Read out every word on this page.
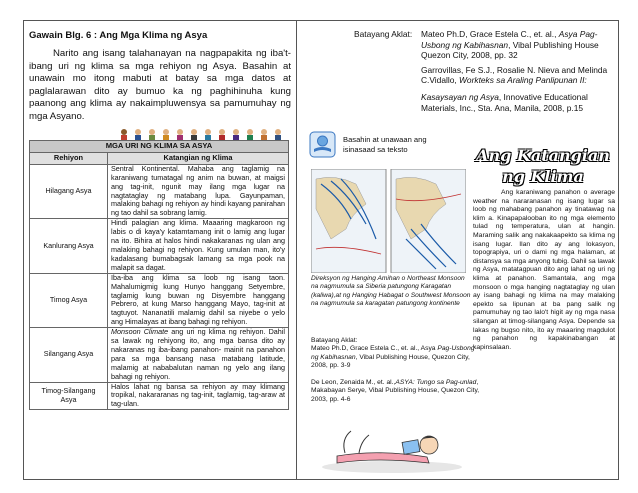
Gawain Blg. 6 : Ang Mga Klima ng Asya
Narito ang isang talahanayan na nagpapakita ng iba't-ibang uri ng klima sa mga rehiyon ng Asya. Basahin at unawain mo itong mabuti at batay sa mga datos at paglalarawan dito ay bumuo ka ng paghihinuha kung paanong ang klima ay nakaimpluwensya sa pamumuhay ng mga Asyano.
MGA URI NG KLIMA SA ASYA	
Rehiyon	Katangian ng Klima
Hilagang Asya	Sentral Kontinental. Mahaba ang taglamig na karaniwang tumatagal ng anim na buwan, at maigsi ang tag-init, ngunit may ilang mga lugar na nagtataglay ng matabang lupa. Gayunpaman, malaking bahagi ng rehiyon ay hindi kayang panirahan ng tao dahil sa sobrang lamig.
Kanlurang Asya	Hindi palagian ang klima. Maaaring magkaroon ng labis o di kaya'y katamtamang init o lamig ang lugar na ito. Bihira at halos hindi nakakaranas ng ulan ang malaking bahagi ng rehiyon. Kung umulan man, ito'y kadalasang bumabagsak lamang sa mga pook na malapit sa dagat.
Timog Asya	Iba-iba ang klima sa loob ng isang taon. Mahalumigmig kung Hunyo hanggang Setyembre, taglamig kung buwan ng Disyembre hanggang Pebrero, at kung Marso hanggang Mayo, tag-init at tagtuyot. Nananatili malamig dahil sa niyebe o yelo ang Himalayas at ibang bahagi ng rehiyon.
Silangang Asya	Monsoon Climate ang uri ng klima ng rehiyon. Dahil sa lawak ng rehiyong ito, ang mga bansa dito ay nakaranas ng iba-ibang panahon- mainit na panahon para sa mga bansang nasa matabang latitude, malamig at nababalutan naman ng yelo ang ilang bahagi ng rehiyon.
Timog-Silangang Asya	Halos lahat ng bansa sa rehiyon ay may klimang tropikal, nakararanas ng tag-init, taglamig, tag-araw at tag-ulan.
Batayang Aklat: Mateo Ph.D, Grace Estela C., et. al., Asya Pag-Usbong ng Kabihasnan, Vibal Publishing House Quezon City, 2008, pp. 32

Garrovillas, Fe S.J., Rosalie N. Nieva and Melinda C.Vidallo, Workteks sa Araling Panlipunan II:

Kasaysayan ng Asya, Innovative Educational Materials, Inc., Sta. Ana, Manila, 2008, p.15

Basahin at unawaan ang isinasaad sa teksto	Ang Katangian ng Klima
Direksyon ng Hanging Amihan o Northeast Monsoon na nagmumula sa Siberia patungong Karagatan (kaliwa),at ng Hanging Habagat o Southwest Monsoon na nagmumula sa karagatan patungong kontinente
Ang karaniwang panahon o average weather na nararanasan ng isang lugar sa loob ng mahabang panahon ay tinatawag na klim a. Kinapapalooban ito ng mga elemento tulad ng temperatura, ulan at hangin. Maraming salik ang nakakaapekto sa klima ng isang lugar. Ilan dito ay ang lokasyon, topograpiya, uri o dami ng mga halaman, at distansya sa mga anyong tubig. Dahil sa lawak ng Asya, matatagpuan dito ang lahat ng uri ng klima at panahon. Samantala, ang mga monsoon o mga hanging nagtataglay ng ulan ay isang bahagi ng klima na may malaking epekto sa lipunan at ba pang salik ng pamumuhay ng tao lalo't higit ay ng mga nasa silangan at timog-silangang Asya. Depende sa lakas ng bugso nito, ito ay maaaring magdulot ng panahon ng kapakinabangan at kapinsalaan.
Batayang Aklat:
Mateo Ph.D, Grace Estela C., et. al., Asya Pag-Usbong ng Kabihasnan, Vibal Publishing House, Quezon City, 2008, pp. 3-9
De Leon, Zenaida M., et. al.,ASYA: Tungo sa Pag-unlad, Makabayan Serye, Vibal Publishing House, Quezon City, 2003, pp. 4-6
